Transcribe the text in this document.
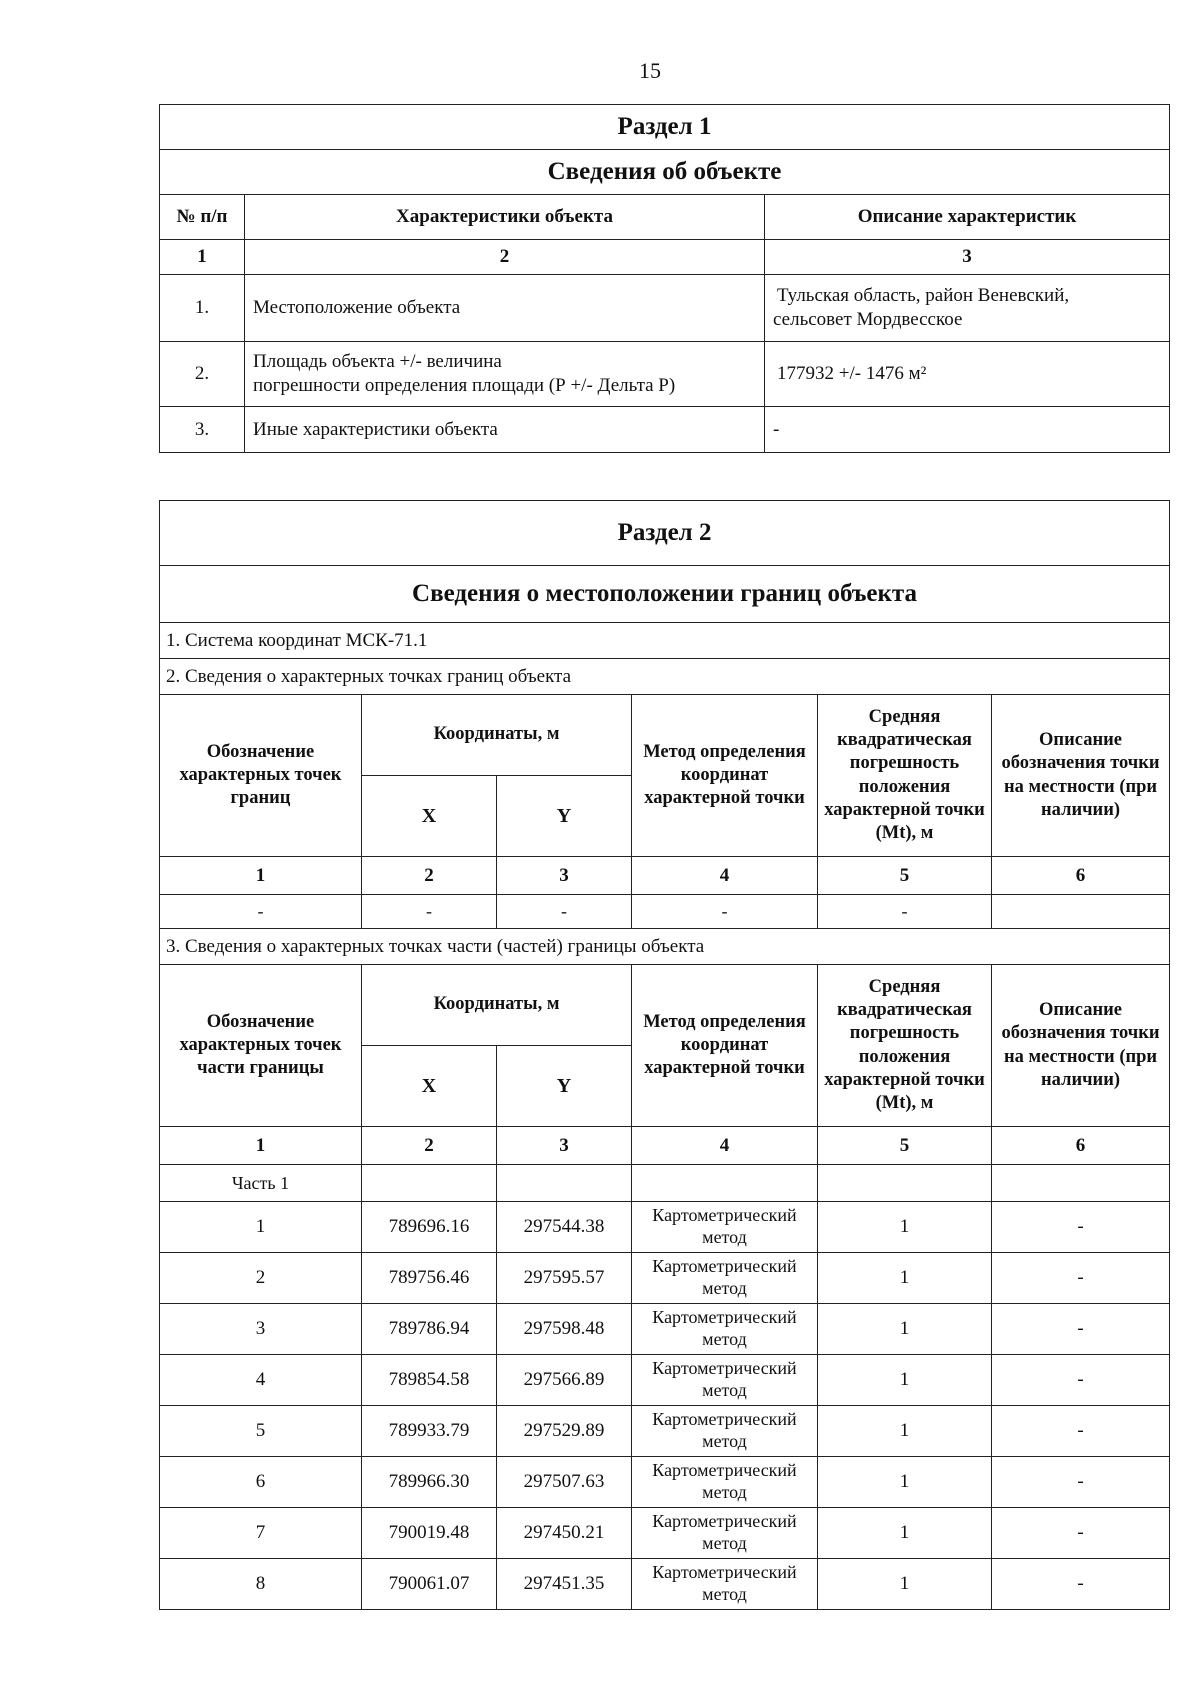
15
Раздел 1		
Сведения об объекте		
№ п/п	Характеристики объекта	Описание характеристик
1	2	3
1.	Местоположение объекта	Тульская область, район Веневский,
сельсовет Мордвесское

2.	Площадь объекта +/- величина
погрешности определения площади (Р +/- Дельта Р)	177932 +/- 1476 м²
3.	Иные характеристики объекта	-
Раздел 2					
Сведения о местоположении границ объекта					
1. Система координат МСК-71.1					
2. Сведения о характерных точках границ объекта					
Обозначение характерных точек границ	Координаты, м		Метод определения координат характерной точки	Средняя квадратическая погрешность положения характерной точки (Mt), м	Описание обозначения точки на местности (при наличии)
	X	Y			
1	2	3	4	5	6
-	-	-	-	-	
3. Сведения о характерных точках части (частей) границы объекта					
Обозначение характерных точек части границы	Координаты, м		Метод определения координат характерной точки	Средняя квадратическая погрешность положения характерной точки (Mt), м	Описание обозначения точки на местности (при наличии)
	X	Y			
1	2	3	4	5	6
Часть 1					
1	789696.16	297544.38	Картометрический метод	1	-
2	789756.46	297595.57	Картометрический метод	1	-
3	789786.94	297598.48	Картометрический метод	1	-
4	789854.58	297566.89	Картометрический метод	1	-
5	789933.79	297529.89	Картометрический метод	1	-
6	789966.30	297507.63	Картометрический метод	1	-
7	790019.48	297450.21	Картометрический метод	1	-
8	790061.07	297451.35	Картометрический метод	1	-
